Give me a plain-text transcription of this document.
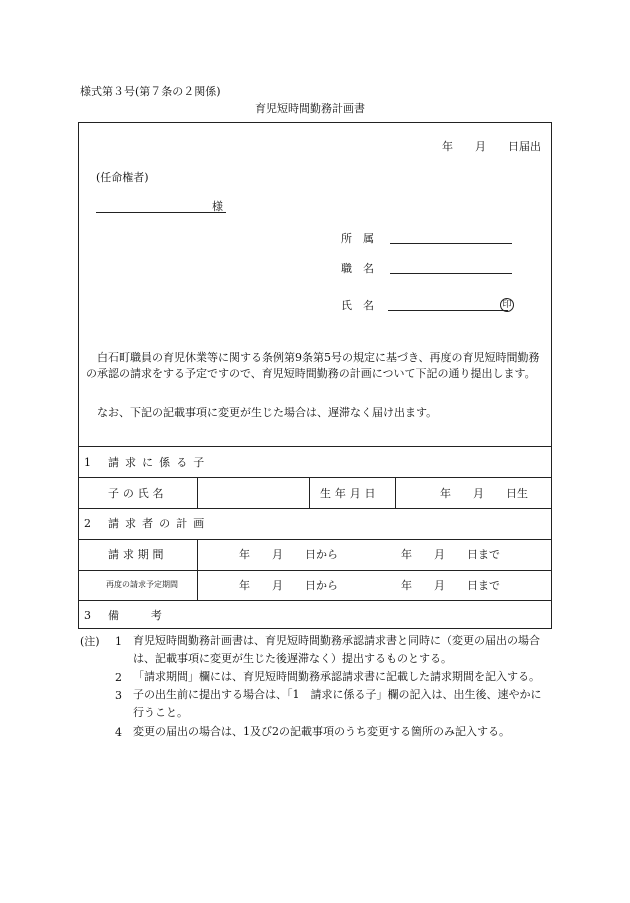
様式第３号(第７条の２関係)
育児短時間勤務計画書
年　　月　　日届出
(任命権者)
様
所　属
職　名
氏　名	印
白石町職員の育児休業等に関する条例第9条第5号の規定に基づき、再度の育児短時間勤務の承認の請求をする予定ですので、育児短時間勤務の計画について下記の通り提出します。
なお、下記の記載事項に変更が生じた場合は、遅滞なく届け出ます。
1 請求に係る子
子の氏名	生年月日	年　　月　　日生
2 請求者の計画
請求期間	年　　月　　日から	年　　月　　日まで
再度の請求予定期間	年　　月　　日から	年　　月　　日まで
3 備　　考
(注) 1 育児短時間勤務計画書は、育児短時間勤務承認請求書と同時に（変更の届出の場合は、記載事項に変更が生じた後遅滞なく）提出するものとする。
2 「請求期間」欄には、育児短時間勤務承認請求書に記載した請求期間を記入する。
3 子の出生前に提出する場合は、「1　請求に係る子」欄の記入は、出生後、速やかに行うこと。
4 変更の届出の場合は、1及び2の記載事項のうち変更する箇所のみ記入する。
